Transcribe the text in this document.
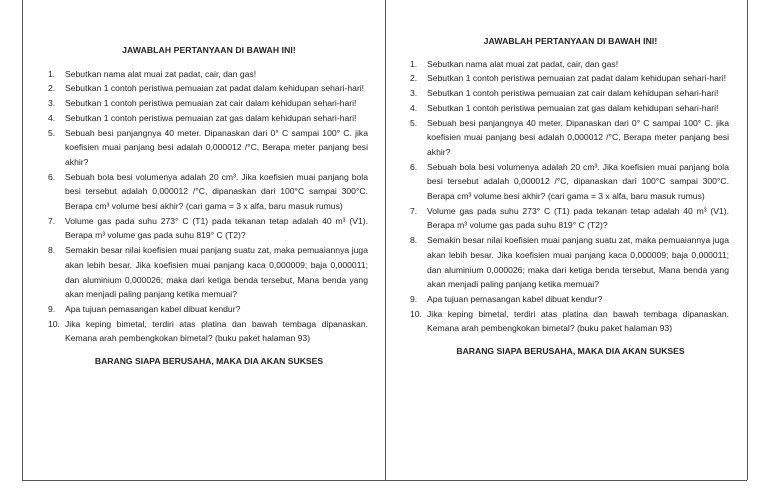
JAWABLAH PERTANYAAN DI BAWAH INI!
1. Sebutkan nama alat muai zat padat, cair, dan gas!
2. Sebutkan 1 contoh peristiwa pemuaian zat padat dalam kehidupan sehari-hari!
3. Sebutkan 1 contoh peristiwa pemuaian zat cair dalam kehidupan sehari-hari!
4. Sebutkan 1 contoh peristiwa pemuaian zat gas dalam kehidupan sehari-hari!
5. Sebuah besi panjangnya 40 meter. Dipanaskan dari 0° C sampai 100° C. jika koefisien muai panjang besi adalah 0,000012 /°C, Berapa meter panjang besi akhir?
6. Sebuah bola besi volumenya adalah 20 cm³. Jika koefisien muai panjang bola besi tersebut adalah 0,000012 /°C, dipanaskan dari 100°C sampai 300°C. Berapa cm³ volume besi akhir? (cari gama = 3 x alfa, baru masuk rumus)
7. Volume gas pada suhu 273° C (T1) pada tekanan tetap adalah 40 m³ (V1). Berapa m³ volume gas pada suhu 819° C (T2)?
8. Semakin besar nilai koefisien muai panjang suatu zat, maka pemuaiannya juga akan lebih besar. Jika koefisien muai panjang kaca 0,000009; baja 0,000011; dan aluminium 0,000026; maka dari ketiga benda tersebut, Mana benda yang akan menjadi paling panjang ketika memuai?
9. Apa tujuan pemasangan kabel dibuat kendur?
10. Jika keping bimetal, terdiri atas platina dan bawah tembaga dipanaskan. Kemana arah pembengkokan bimetal? (buku paket halaman 93)
BARANG SIAPA BERUSAHA, MAKA DIA AKAN SUKSES
JAWABLAH PERTANYAAN DI BAWAH INI!
1. Sebutkan nama alat muai zat padat, cair, dan gas!
2. Sebutkan 1 contoh peristiwa pemuaian zat padat dalam kehidupan sehari-hari!
3. Sebutkan 1 contoh peristiwa pemuaian zat cair dalam kehidupan sehari-hari!
4. Sebutkan 1 contoh peristiwa pemuaian zat gas dalam kehidupan sehari-hari!
5. Sebuah besi panjangnya 40 meter. Dipanaskan dari 0° C sampai 100° C. jika koefisien muai panjang besi adalah 0,000012 /°C, Berapa meter panjang besi akhir?
6. Sebuah bola besi volumenya adalah 20 cm³. Jika koefisien muai panjang bola besi tersebut adalah 0,000012 /°C, dipanaskan dari 100°C sampai 300°C. Berapa cm³ volume besi akhir? (cari gama = 3 x alfa, baru masuk rumus)
7. Volume gas pada suhu 273° C (T1) pada tekanan tetap adalah 40 m³ (V1). Berapa m³ volume gas pada suhu 819° C (T2)?
8. Semakin besar nilai koefisien muai panjang suatu zat, maka pemuaiannya juga akan lebih besar. Jika koefisien muai panjang kaca 0,000009; baja 0,000011; dan aluminium 0,000026; maka dari ketiga benda tersebut, Mana benda yang akan menjadi paling panjang ketika memuai?
9. Apa tujuan pemasangan kabel dibuat kendur?
10. Jika keping bimetal, terdiri atas platina dan bawah tembaga dipanaskan. Kemana arah pembengkokan bimetal? (buku paket halaman 93)
BARANG SIAPA BERUSAHA, MAKA DIA AKAN SUKSES
